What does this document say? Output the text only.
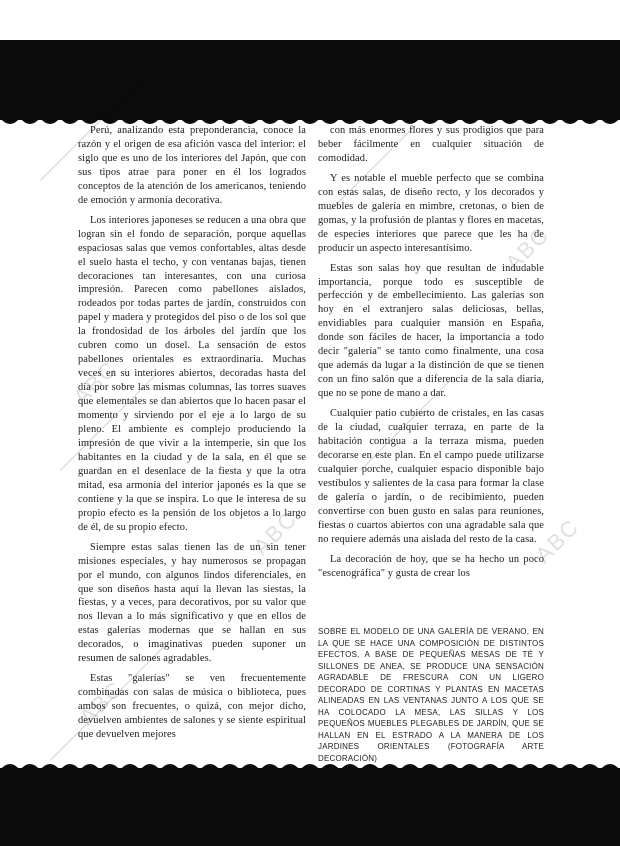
Perú, analizando esta preponderancia, conoce la razón y el origen de esa afición vasca del interior: el siglo que es uno de los interiores del Japón, que con sus tipos atrae para poner en él los logrados conceptos de la atención de los americanos, teniendo de emoción y armonía decorativa.

Los interiores japoneses se reducen a una obra que logran sin el fondo de separación, porque aquellas espaciosas salas que vemos confortables, altas desde el suelo hasta el techo, y con ventanas bajas, tienen decoraciones tan interesantes, con una curiosa impresión. Parecen como pabellones aislados, rodeados por todas partes de jardín, construidos con papel y madera y protegidos del piso o de los sol que la frondosidad de los árboles del jardín que los cubren como un dosel. La sensación de estos pabellones orientales es extraordinaria. Muchas veces en su interiores abiertos, decoradas hasta del día por sobre las mismas columnas, las torres suaves que elementales se dan abiertos que lo hacen pasar el momento y sirviendo por el eje a lo largo de su pleno. El ambiente es complejo produciendo la impresión de que vivir a la intemperie, sin que los habitantes en la ciudad y de la sala, en él que se guardan en el desenlace de la fiesta y que la otra mitad, esa armonía del interior japonés es la que se contiene y la que se inspira. Lo que le interesa de su propio efecto es la pensión de los objetos a lo largo de él, de su propio efecto.

Siempre estas salas tienen las de un sin tener misiones especiales, y hay numerosos se propagan por el mundo, con algunos lindos diferenciales, en que son diseños hasta aquí la llevan las siestas, la fiestas, y a veces, para decorativos, por su valor que nos llevan a lo más significativo y que en ellos de estas galerías modernas que se hallan en sus decorados, o imaginativas pueden suponer un resumen de salones agradables.

Estas "galerías" se ven frecuentemente combinadas con salas de música o biblioteca, pues ambos son frecuentes, o quizá, con mejor dicho, devuelven ambientes de salones y se siente espiritual que devuelven mejores

con más enormes flores y sus prodigios que para beber fácilmente en cualquier situación de comodidad.

Y es notable el mueble perfecto que se combina con estas salas, de diseño recto, y los decorados y muebles de galería en mimbre, cretonas, o bien de gomas, y la profusión de plantas y flores en macetas, de especies interiores que parece que les ha de producir un aspecto interesantísimo.

Estas son salas hoy que resultan de indudable importancia, porque todo es susceptible de perfección y de embellecimiento. Las galerías son hoy en el extranjero salas deliciosas, bellas, envidiables para cualquier mansión en España, donde son fáciles de hacer, la importancia a todo decir "galería" se tanto como finalmente, una cosa que además da lugar a la distinción de que se tienen con un fino salón que a diferencia de la sala diaria, que no se pone de mano a dar.

Cualquier patio cubierto de cristales, en las casas de la ciudad, cualquier terraza, en parte de la habitación contigua a la terraza misma, pueden decorarse en este plan. En el campo puede utilizarse cualquier porche, cualquier espacio disponible bajo vestíbulos y salientes de la casa para formar la clase de galería o jardín, o de recibimiento, pueden convertirse con buen gusto en salas para reuniones, fiestas o cuartos abiertos con una agradable sala que no requiere además una aislada del resto de la casa.

La decoración de hoy, que se ha hecho un poco "escenográfica" y gusta de crear los

SOBRE EL MODELO DE UNA GALERÍA DE VERANO, EN LA QUE SE HACE UNA COMPOSICIÓN DE DISTINTOS EFECTOS, A BASE DE PEQUEÑAS MESAS DE TÉ Y SILLONES DE ANEA, SE PRODUCE UNA SENSACIÓN AGRADABLE DE FRESCURA CON UN LIGERO DECORADO DE CORTINAS Y PLANTAS EN MACETAS ALINEADAS EN LAS VENTANAS JUNTO A LOS QUE SE HA COLOCADO LA MESA, LAS SILLAS Y LOS PEQUEÑOS MUEBLES PLEGABLES DE JARDÍN, QUE SE HALLAN EN EL ESTRADO A LA MANERA DE LOS JARDINES ORIENTALES (FOTOGRAFÍA ARTE DECORACIÓN)
ABC
ABC
ABC	ABC
ABC
